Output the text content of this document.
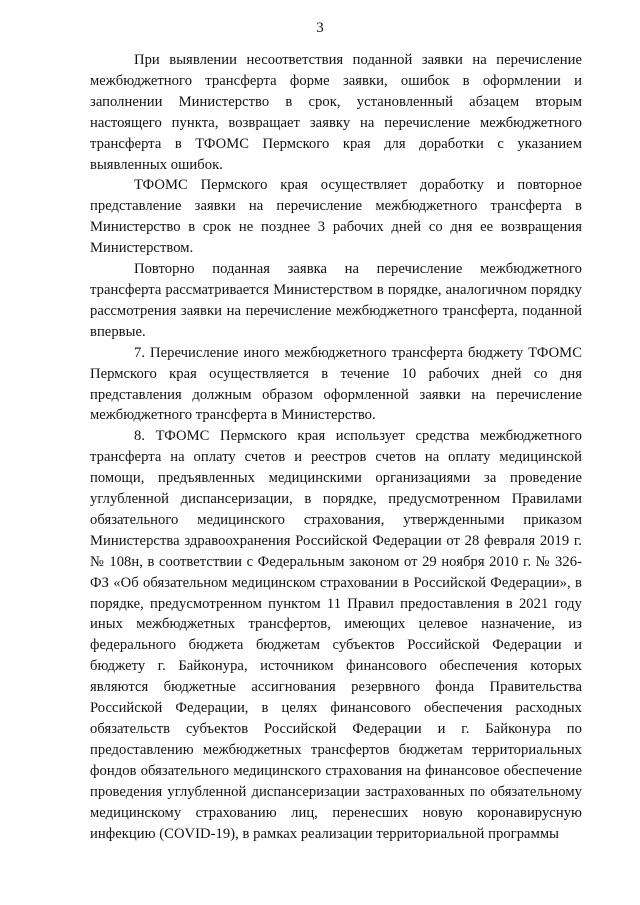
3

При выявлении несоответствия поданной заявки на перечисление межбюджетного трансферта форме заявки, ошибок в оформлении и заполнении Министерство в срок, установленный абзацем вторым настоящего пункта, возвращает заявку на перечисление межбюджетного трансферта в ТФОМС Пермского края для доработки с указанием выявленных ошибок.

ТФОМС Пермского края осуществляет доработку и повторное представление заявки на перечисление межбюджетного трансферта в Министерство в срок не позднее 3 рабочих дней со дня ее возвращения Министерством.

Повторно поданная заявка на перечисление межбюджетного трансферта рассматривается Министерством в порядке, аналогичном порядку рассмотрения заявки на перечисление межбюджетного трансферта, поданной впервые.

7. Перечисление иного межбюджетного трансферта бюджету ТФОМС Пермского края осуществляется в течение 10 рабочих дней со дня представления должным образом оформленной заявки на перечисление межбюджетного трансферта в Министерство.

8. ТФОМС Пермского края использует средства межбюджетного трансферта на оплату счетов и реестров счетов на оплату медицинской помощи, предъявленных медицинскими организациями за проведение углубленной диспансеризации, в порядке, предусмотренном Правилами обязательного медицинского страхования, утвержденными приказом Министерства здравоохранения Российской Федерации от 28 февраля 2019 г. № 108н, в соответствии с Федеральным законом от 29 ноября 2010 г. № 326-ФЗ «Об обязательном медицинском страховании в Российской Федерации», в порядке, предусмотренном пунктом 11 Правил предоставления в 2021 году иных межбюджетных трансфертов, имеющих целевое назначение, из федерального бюджета бюджетам субъектов Российской Федерации и бюджету г. Байконура, источником финансового обеспечения которых являются бюджетные ассигнования резервного фонда Правительства Российской Федерации, в целях финансового обеспечения расходных обязательств субъектов Российской Федерации и г. Байконура по предоставлению межбюджетных трансфертов бюджетам территориальных фондов обязательного медицинского страхования на финансовое обеспечение проведения углубленной диспансеризации застрахованных по обязательному медицинскому страхованию лиц, перенесших новую коронавирусную инфекцию (COVID-19), в рамках реализации территориальной программы
